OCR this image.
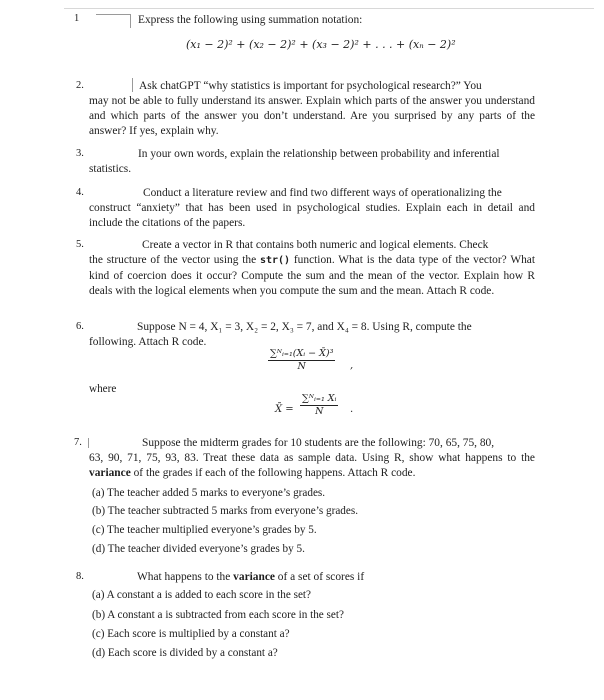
1	Express the following using summation notation:
(x₁ − 2)² + (x₂ − 2)² + (x₃ − 2)² + . . . + (xₙ − 2)²
2.	Ask chatGPT “why statistics is important for psychological research?” You
may not be able to fully understand its answer. Explain which parts of the answer you understand and which parts of the answer you don’t understand. Are you surprised by any parts of the answer? If yes, explain why.
3.	In your own words, explain the relationship between probability and inferential
statistics.
4.	Conduct a literature review and find two different ways of operationalizing the
construct “anxiety” that has been used in psychological studies. Explain each in detail and include the citations of the papers.
5.	Create a vector in R that contains both numeric and logical elements. Check
the structure of the vector using the str() function. What is the data type of the vector? What kind of coercion does it occur? Compute the sum and the mean of the vector. Explain how R deals with the logical elements when you compute the sum and the mean. Attach R code.
6.	Suppose N = 4, X₁ = 3, X₂ = 2, X₃ = 7, and X₄ = 8. Using R, compute the
following. Attach R code.
$\frac{\text{∑ᴺᵢ₌₁(Xᵢ − X̄)³}}{N}$ ,
where
X̄ = $\frac{\text{∑ᴺᵢ₌₁ Xᵢ}}{N}$ .
7.	Suppose the midterm grades for 10 students are the following: 70, 65, 75, 80,
63, 90, 71, 75, 93, 83. Treat these data as sample data. Using R, show what happens to the variance of the grades if each of the following happens. Attach R code.
(a) The teacher added 5 marks to everyone’s grades.
(b) The teacher subtracted 5 marks from everyone’s grades.
(c) The teacher multiplied everyone’s grades by 5.
(d) The teacher divided everyone’s grades by 5.
8.	What happens to the variance of a set of scores if
(a) A constant a is added to each score in the set?
(b) A constant a is subtracted from each score in the set?
(c) Each score is multiplied by a constant a?
(d) Each score is divided by a constant a?
